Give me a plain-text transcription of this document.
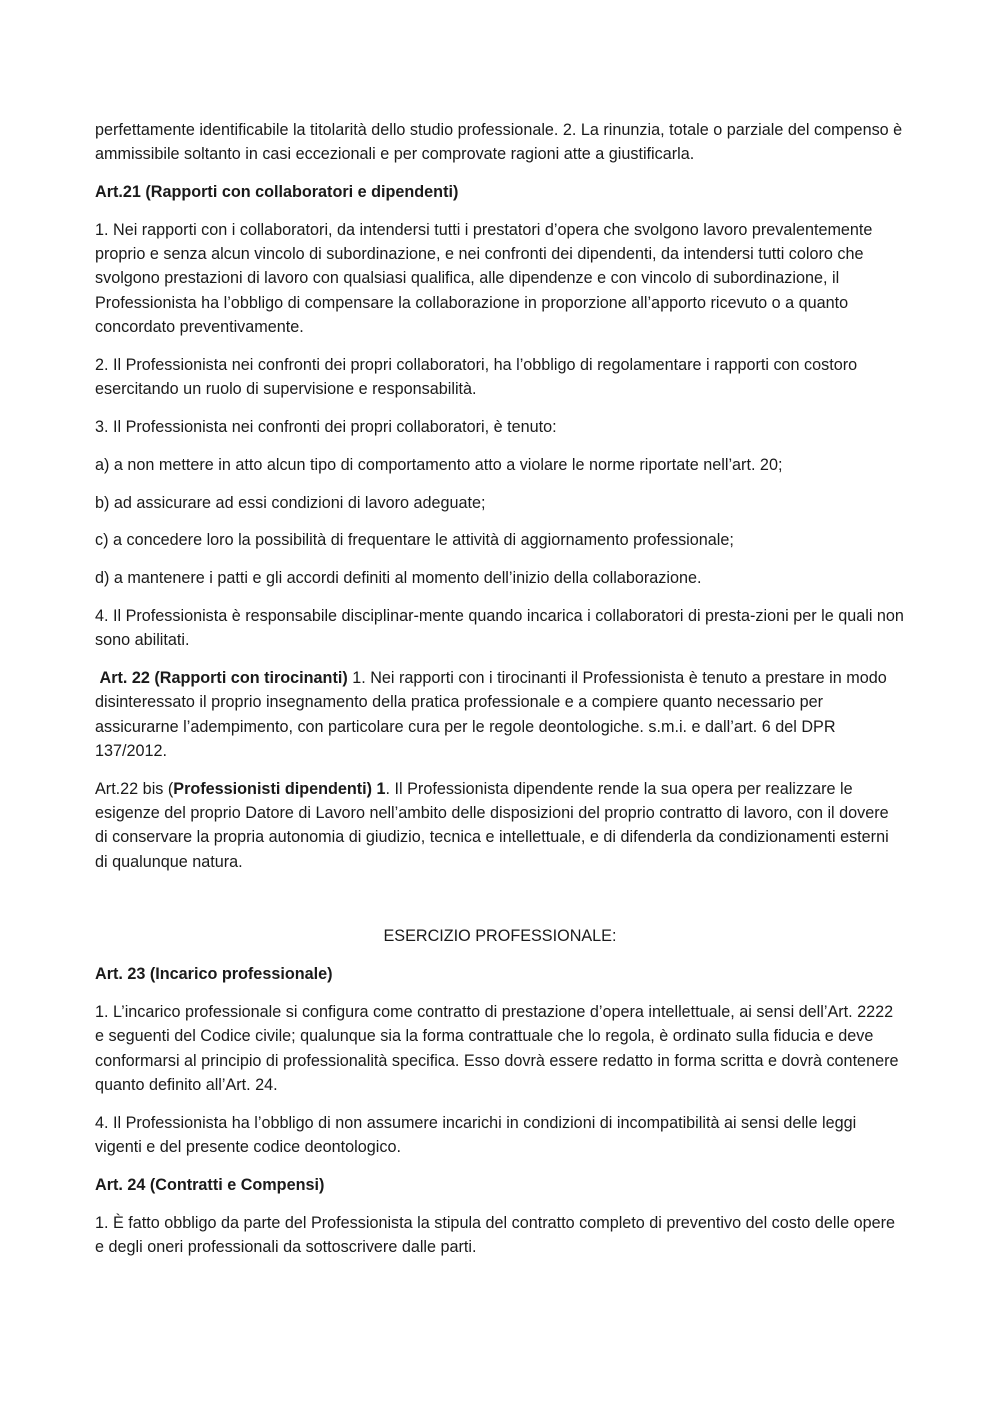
perfettamente identificabile la titolarità dello studio professionale. 2. La rinunzia, totale o parziale del compenso è ammissibile soltanto in casi eccezionali e per comprovate ragioni atte a giustificarla.

Art.21 (Rapporti con collaboratori e dipendenti)

1. Nei rapporti con i collaboratori, da intendersi tutti i prestatori d’opera che svolgono lavoro prevalentemente proprio e senza alcun vincolo di subordinazione, e nei confronti dei dipendenti, da intendersi tutti coloro che svolgono prestazioni di lavoro con qualsiasi qualifica, alle dipendenze e con vincolo di subordinazione, il Professionista ha l’obbligo di compensare la collaborazione in proporzione all’apporto ricevuto o a quanto concordato preventivamente.

2. Il Professionista nei confronti dei propri collaboratori, ha l’obbligo di regolamentare i rapporti con costoro esercitando un ruolo di supervisione e responsabilità.

3. Il Professionista nei confronti dei propri collaboratori, è tenuto:

a) a non mettere in atto alcun tipo di comportamento atto a violare le norme riportate nell’art. 20;

b) ad assicurare ad essi condizioni di lavoro adeguate;

c) a concedere loro la possibilità di frequentare le attività di aggiornamento professionale;

d) a mantenere i patti e gli accordi definiti al momento dell’inizio della collaborazione.

4. Il Professionista è responsabile disciplinar-mente quando incarica i collaboratori di presta-zioni per le quali non sono abilitati.

Art. 22 (Rapporti con tirocinanti) 1. Nei rapporti con i tirocinanti il Professionista è tenuto a prestare in modo disinteressato il proprio insegnamento della pratica professionale e a compiere quanto necessario per assicurarne l’adempimento, con particolare cura per le regole deontologiche. s.m.i. e dall’art. 6 del DPR 137/2012.

Art.22 bis (Professionisti dipendenti) 1. Il Professionista dipendente rende la sua opera per realizzare le esigenze del proprio Datore di Lavoro nell’ambito delle disposizioni del proprio contratto di lavoro, con il dovere di conservare la propria autonomia di giudizio, tecnica e intellettuale, e di difenderla da condizionamenti esterni di qualunque natura.

ESERCIZIO PROFESSIONALE:

Art. 23 (Incarico professionale)

1. L’incarico professionale si configura come contratto di prestazione d’opera intellettuale, ai sensi dell’Art. 2222 e seguenti del Codice civile; qualunque sia la forma contrattuale che lo regola, è ordinato sulla fiducia e deve conformarsi al principio di professionalità specifica. Esso dovrà essere redatto in forma scritta e dovrà contenere quanto definito all’Art. 24.

4. Il Professionista ha l’obbligo di non assumere incarichi in condizioni di incompatibilità ai sensi delle leggi vigenti e del presente codice deontologico.

Art. 24 (Contratti e Compensi)

1. È fatto obbligo da parte del Professionista la stipula del contratto completo di preventivo del costo delle opere e degli oneri professionali da sottoscrivere dalle parti.
